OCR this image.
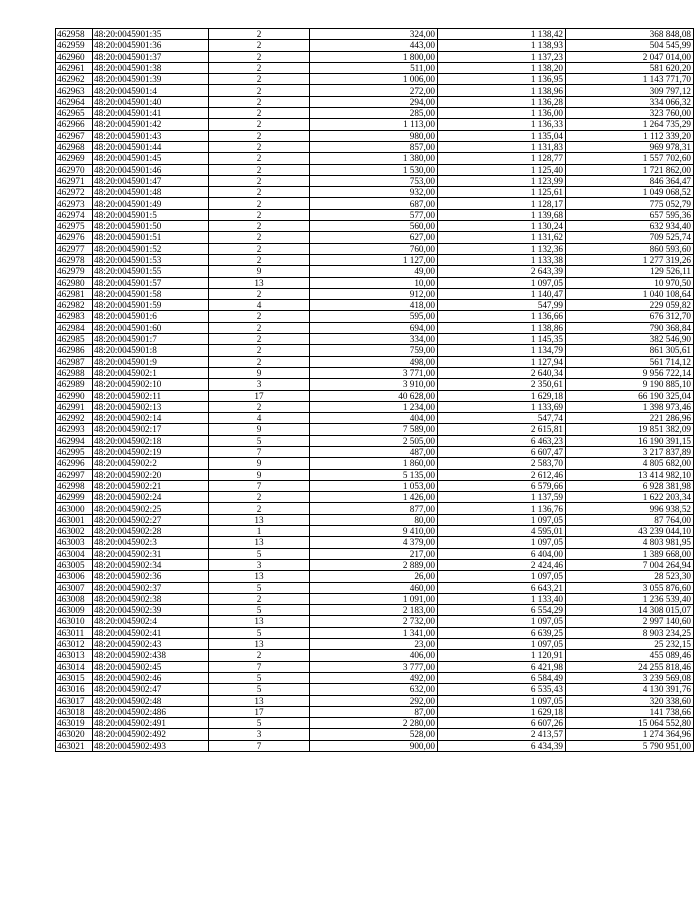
462958	48:20:0045901:35	2	324,00	1 138,42	368 848,08
462959	48:20:0045901:36	2	443,00	1 138,93	504 545,99
462960	48:20:0045901:37	2	1 800,00	1 137,23	2 047 014,00
462961	48:20:0045901:38	2	511,00	1 138,20	581 620,20
462962	48:20:0045901:39	2	1 006,00	1 136,95	1 143 771,70
462963	48:20:0045901:4	2	272,00	1 138,96	309 797,12
462964	48:20:0045901:40	2	294,00	1 136,28	334 066,32
462965	48:20:0045901:41	2	285,00	1 136,00	323 760,00
462966	48:20:0045901:42	2	1 113,00	1 136,33	1 264 735,29
462967	48:20:0045901:43	2	980,00	1 135,04	1 112 339,20
462968	48:20:0045901:44	2	857,00	1 131,83	969 978,31
462969	48:20:0045901:45	2	1 380,00	1 128,77	1 557 702,60
462970	48:20:0045901:46	2	1 530,00	1 125,40	1 721 862,00
462971	48:20:0045901:47	2	753,00	1 123,99	846 364,47
462972	48:20:0045901:48	2	932,00	1 125,61	1 049 068,52
462973	48:20:0045901:49	2	687,00	1 128,17	775 052,79
462974	48:20:0045901:5	2	577,00	1 139,68	657 595,36
462975	48:20:0045901:50	2	560,00	1 130,24	632 934,40
462976	48:20:0045901:51	2	627,00	1 131,62	709 525,74
462977	48:20:0045901:52	2	760,00	1 132,36	860 593,60
462978	48:20:0045901:53	2	1 127,00	1 133,38	1 277 319,26
462979	48:20:0045901:55	9	49,00	2 643,39	129 526,11
462980	48:20:0045901:57	13	10,00	1 097,05	10 970,50
462981	48:20:0045901:58	2	912,00	1 140,47	1 040 108,64
462982	48:20:0045901:59	4	418,00	547,99	229 059,82
462983	48:20:0045901:6	2	595,00	1 136,66	676 312,70
462984	48:20:0045901:60	2	694,00	1 138,86	790 368,84
462985	48:20:0045901:7	2	334,00	1 145,35	382 546,90
462986	48:20:0045901:8	2	759,00	1 134,79	861 305,61
462987	48:20:0045901:9	2	498,00	1 127,94	561 714,12
462988	48:20:0045902:1	9	3 771,00	2 640,34	9 956 722,14
462989	48:20:0045902:10	3	3 910,00	2 350,61	9 190 885,10
462990	48:20:0045902:11	17	40 628,00	1 629,18	66 190 325,04
462991	48:20:0045902:13	2	1 234,00	1 133,69	1 398 973,46
462992	48:20:0045902:14	4	404,00	547,74	221 286,96
462993	48:20:0045902:17	9	7 589,00	2 615,81	19 851 382,09
462994	48:20:0045902:18	5	2 505,00	6 463,23	16 190 391,15
462995	48:20:0045902:19	7	487,00	6 607,47	3 217 837,89
462996	48:20:0045902:2	9	1 860,00	2 583,70	4 805 682,00
462997	48:20:0045902:20	9	5 135,00	2 612,46	13 414 982,10
462998	48:20:0045902:21	7	1 053,00	6 579,66	6 928 381,98
462999	48:20:0045902:24	2	1 426,00	1 137,59	1 622 203,34
463000	48:20:0045902:25	2	877,00	1 136,76	996 938,52
463001	48:20:0045902:27	13	80,00	1 097,05	87 764,00
463002	48:20:0045902:28	1	9 410,00	4 595,01	43 239 044,10
463003	48:20:0045902:3	13	4 379,00	1 097,05	4 803 981,95
463004	48:20:0045902:31	5	217,00	6 404,00	1 389 668,00
463005	48:20:0045902:34	3	2 889,00	2 424,46	7 004 264,94
463006	48:20:0045902:36	13	26,00	1 097,05	28 523,30
463007	48:20:0045902:37	5	460,00	6 643,21	3 055 876,60
463008	48:20:0045902:38	2	1 091,00	1 133,40	1 236 539,40
463009	48:20:0045902:39	5	2 183,00	6 554,29	14 308 015,07
463010	48:20:0045902:4	13	2 732,00	1 097,05	2 997 140,60
463011	48:20:0045902:41	5	1 341,00	6 639,25	8 903 234,25
463012	48:20:0045902:43	13	23,00	1 097,05	25 232,15
463013	48:20:0045902:438	2	406,00	1 120,91	455 089,46
463014	48:20:0045902:45	7	3 777,00	6 421,98	24 255 818,46
463015	48:20:0045902:46	5	492,00	6 584,49	3 239 569,08
463016	48:20:0045902:47	5	632,00	6 535,43	4 130 391,76
463017	48:20:0045902:48	13	292,00	1 097,05	320 338,60
463018	48:20:0045902:486	17	87,00	1 629,18	141 738,66
463019	48:20:0045902:491	5	2 280,00	6 607,26	15 064 552,80
463020	48:20:0045902:492	3	528,00	2 413,57	1 274 364,96
463021	48:20:0045902:493	7	900,00	6 434,39	5 790 951,00
